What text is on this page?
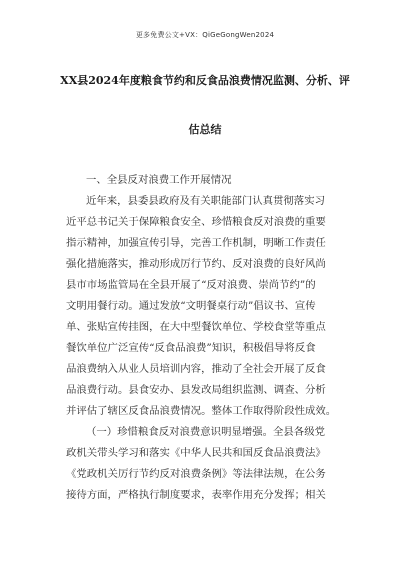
更多免费公文+VX：QiGeGongWen2024
XX县2024年度粮食节约和反食品浪费情况监测、分析、评
估总结
一、全县反对浪费工作开展情况
近年来，县委县政府及有关职能部门认真贯彻落实习
近平总书记关于保障粮食安全、珍惜粮食反对浪费的重要
指示精神，加强宣传引导，完善工作机制，明晰工作责任
强化措施落实，推动形成厉行节约、反对浪费的良好风尚
县市市场监管局在全县开展了“反对浪费、崇尚节约”的
文明用餐行动。通过发放“文明餐桌行动”倡议书、宣传
单、张贴宣传挂图，在大中型餐饮单位、学校食堂等重点
餐饮单位广泛宣传“反食品浪费”知识，积极倡导将反食
品浪费纳入从业人员培训内容，推动了全社会开展了反食
品浪费行动。县食安办、县发改局组织监测、调查、分析
并评估了辖区反食品浪费情况。整体工作取得阶段性成效。
（一）珍惜粮食反对浪费意识明显增强。全县各级党
政机关带头学习和落实《中华人民共和国反食品浪费法》
《党政机关厉行节约反对浪费条例》等法律法规，在公务
接待方面，严格执行制度要求，表率作用充分发挥；相关
